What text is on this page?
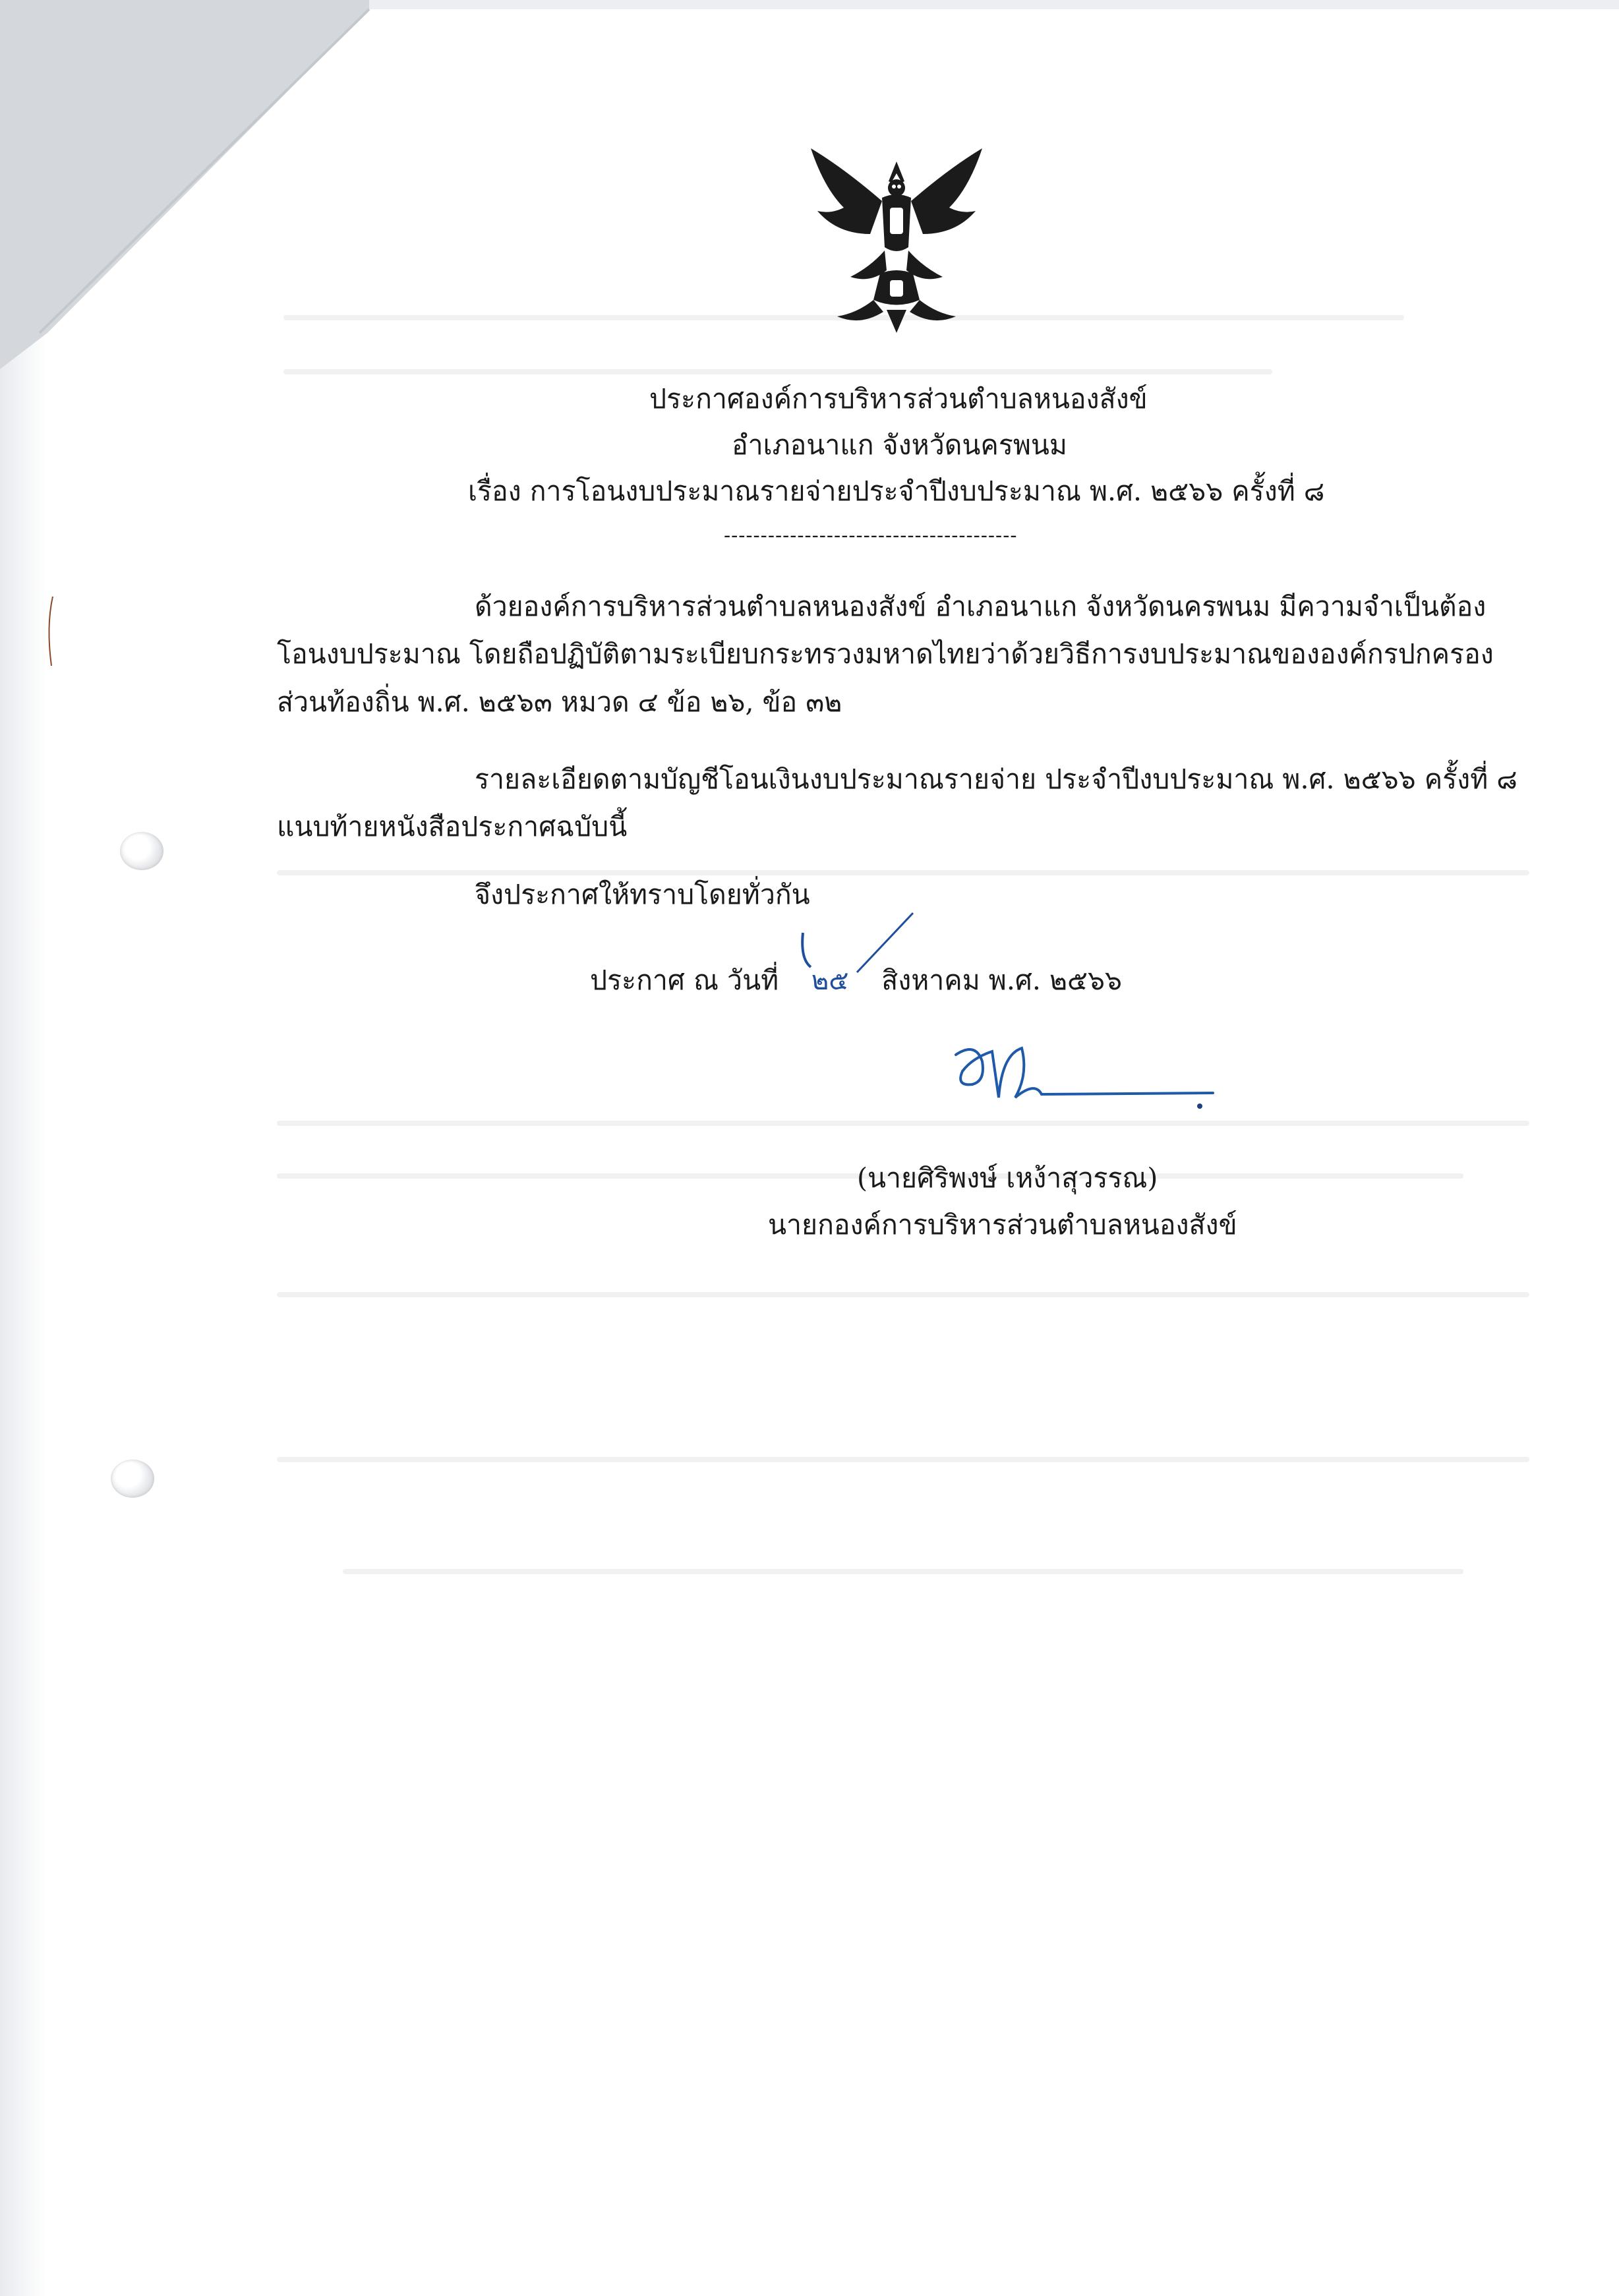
ประกาศองค์การบริหารส่วนตำบลหนองสังข์
อำเภอนาแก จังหวัดนครพนม
เรื่อง การโอนงบประมาณรายจ่ายประจำปีงบประมาณ พ.ศ. ๒๕๖๖ ครั้งที่ ๘
----------------------------------------
ด้วยองค์การบริหารส่วนตำบลหนองสังข์ อำเภอนาแก จังหวัดนครพนม มีความจำเป็นต้อง
โอนงบประมาณ โดยถือปฏิบัติตามระเบียบกระทรวงมหาดไทยว่าด้วยวิธีการงบประมาณขององค์กรปกครอง
ส่วนท้องถิ่น พ.ศ. ๒๕๖๓ หมวด ๔ ข้อ ๒๖, ข้อ ๓๒
รายละเอียดตามบัญชีโอนเงินงบประมาณรายจ่าย ประจำปีงบประมาณ พ.ศ. ๒๕๖๖ ครั้งที่ ๘
แนบท้ายหนังสือประกาศฉบับนี้
จึงประกาศให้ทราบโดยทั่วกัน
ประกาศ ณ วันที่ ๒๕ สิงหาคม พ.ศ. ๒๕๖๖
(นายศิริพงษ์ เหง้าสุวรรณ)
นายกองค์การบริหารส่วนตำบลหนองสังข์
